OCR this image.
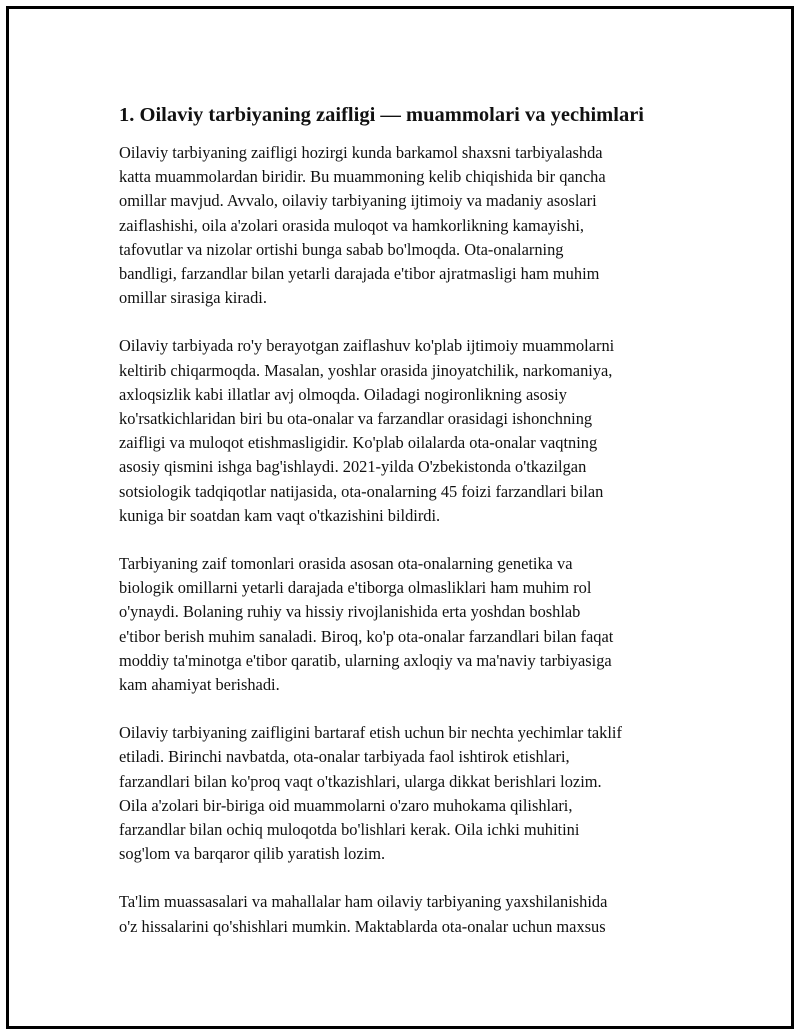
1. Oilaviy tarbiyaning zaifligi — muammolari va yechimlari

Oilaviy tarbiyaning zaifligi hozirgi kunda barkamol shaxsni tarbiyalashda
katta muammolardan biridir. Bu muammoning kelib chiqishida bir qancha
omillar mavjud. Avvalo, oilaviy tarbiyaning ijtimoiy va madaniy asoslari
zaiflashishi, oila a'zolari orasida muloqot va hamkorlikning kamayishi,
tafovutlar va nizolar ortishi bunga sabab bo'lmoqda. Ota-onalarning
bandligi, farzandlar bilan yetarli darajada e'tibor ajratmasligi ham muhim
omillar sirasiga kiradi.

Oilaviy tarbiyada ro'y berayotgan zaiflashuv ko'plab ijtimoiy muammolarni
keltirib chiqarmoqda. Masalan, yoshlar orasida jinoyatchilik, narkomaniya,
axloqsizlik kabi illatlar avj olmoqda. Oiladagi nogironlikning asosiy
ko'rsatkichlaridan biri bu ota-onalar va farzandlar orasidagi ishonchning
zaifligi va muloqot etishmasligidir. Ko'plab oilalarda ota-onalar vaqtning
asosiy qismini ishga bag'ishlaydi. 2021-yilda O'zbekistonda o'tkazilgan
sotsiologik tadqiqotlar natijasida, ota-onalarning 45 foizi farzandlari bilan
kuniga bir soatdan kam vaqt o'tkazishini bildirdi.

Tarbiyaning zaif tomonlari orasida asosan ota-onalarning genetika va
biologik omillarni yetarli darajada e'tiborga olmasliklari ham muhim rol
o'ynaydi. Bolaning ruhiy va hissiy rivojlanishida erta yoshdan boshlab
e'tibor berish muhim sanaladi. Biroq, ko'p ota-onalar farzandlari bilan faqat
moddiy ta'minotga e'tibor qaratib, ularning axloqiy va ma'naviy tarbiyasiga
kam ahamiyat berishadi.

Oilaviy tarbiyaning zaifligini bartaraf etish uchun bir nechta yechimlar taklif
etiladi. Birinchi navbatda, ota-onalar tarbiyada faol ishtirok etishlari,
farzandlari bilan ko'proq vaqt o'tkazishlari, ularga dikkat berishlari lozim.
Oila a'zolari bir-biriga oid muammolarni o'zaro muhokama qilishlari,
farzandlar bilan ochiq muloqotda bo'lishlari kerak. Oila ichki muhitini
sog'lom va barqaror qilib yaratish lozim.

Ta'lim muassasalari va mahallalar ham oilaviy tarbiyaning yaxshilanishida
o'z hissalarini qo'shishlari mumkin. Maktablarda ota-onalar uchun maxsus
